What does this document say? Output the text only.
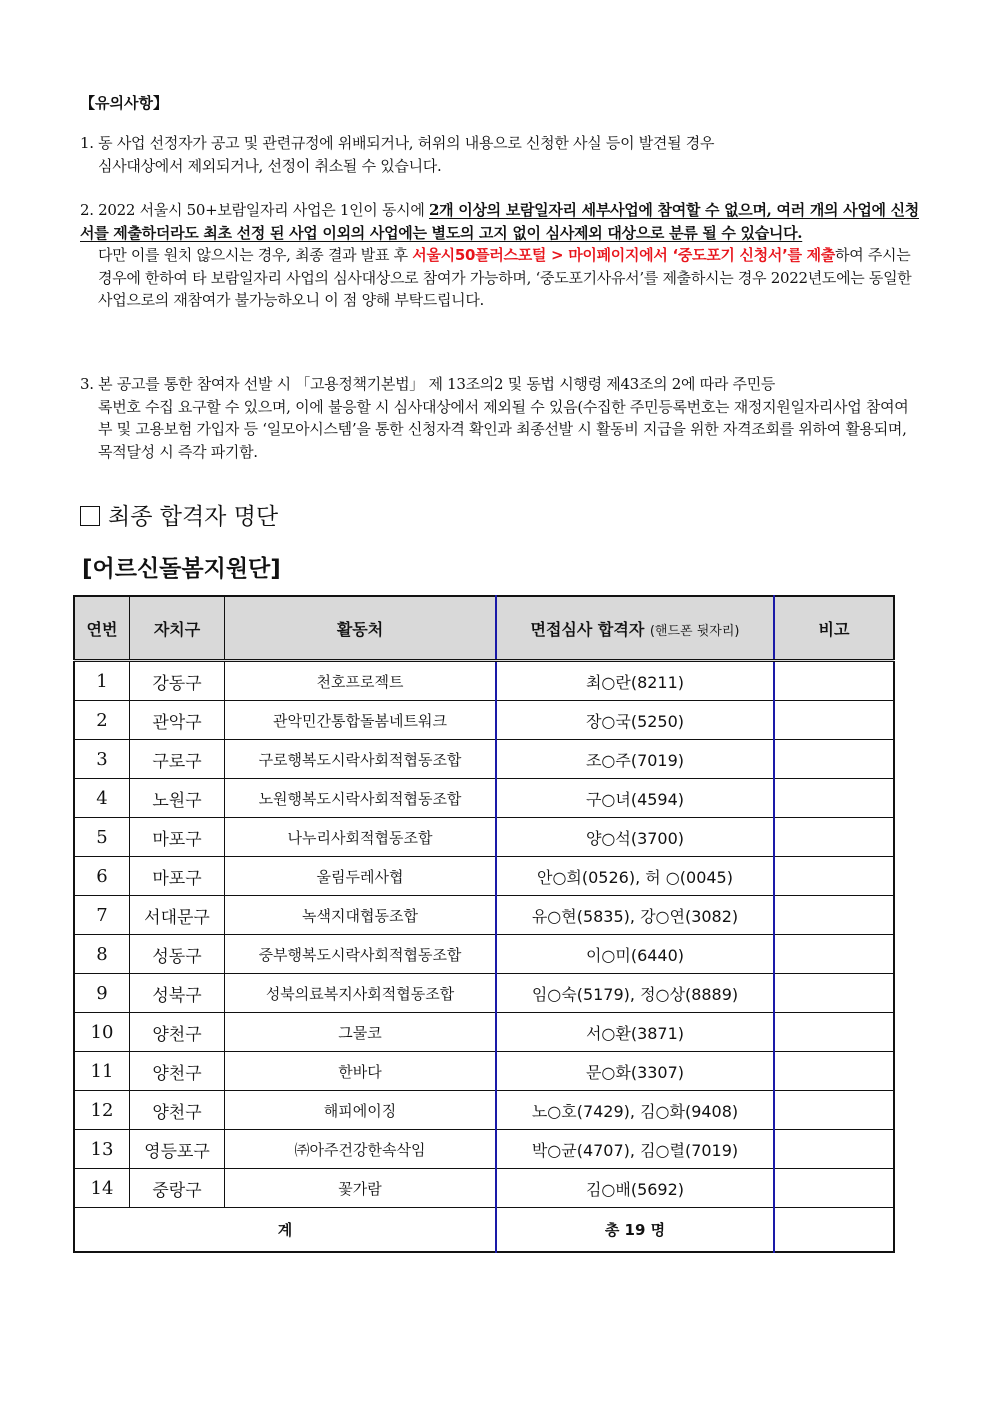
【유의사항】
1. 동 사업 선정자가 공고 및 관련규정에 위배되거나, 허위의 내용으로 신청한 사실 등이 발견될 경우
심사대상에서 제외되거나, 선정이 취소될 수 있습니다.
2. 2022 서울시 50+보람일자리 사업은 1인이 동시에 2개 이상의 보람일자리 세부사업에 참여할 수 없으며, 여러 개의 사업에 신청서를 제출하더라도 최초 선정 된 사업 이외의 사업에는 별도의 고지 없이 심사제외 대상으로 분류 될 수 있습니다.
다만 이를 원치 않으시는 경우, 최종 결과 발표 후 서울시50플러스포털 > 마이페이지에서 ‘중도포기 신청서’를 제출하여 주시는 경우에 한하여 타 보람일자리 사업의 심사대상으로 참여가 가능하며, ‘중도포기사유서’를 제출하시는 경우 2022년도에는 동일한 사업으로의 재참여가 불가능하오니 이 점 양해 부탁드립니다.
3. 본 공고를 통한 참여자 선발 시 「고용정책기본법」 제 13조의2 및 동법 시행령 제43조의 2에 따라 주민등
록번호 수집 요구할 수 있으며, 이에 불응할 시 심사대상에서 제외될 수 있음(수집한 주민등록번호는 재정지원일자리사업 참여여부 및 고용보험 가입자 등 ‘일모아시스템’을 통한 신청자격 확인과 최종선발 시 활동비 지급을 위한 자격조회를 위하여 활용되며, 목적달성 시 즉각 파기함.
최종 합격자 명단
[어르신돌봄지원단]
연번	자치구	활동처	면접심사 합격자 (핸드폰 뒷자리)	비고
1	강동구	천호프로젝트	최○란(8211)	
2	관악구	관악민간통합돌봄네트워크	장○국(5250)	
3	구로구	구로행복도시락사회적협동조합	조○주(7019)	
4	노원구	노원행복도시락사회적협동조합	구○녀(4594)	
5	마포구	나누리사회적협동조합	양○석(3700)	
6	마포구	울림두레사협	안○희(0526), 허 ○(0045)	
7	서대문구	녹색지대협동조합	유○현(5835), 강○연(3082)	
8	성동구	중부행복도시락사회적협동조합	이○미(6440)	
9	성북구	성북의료복지사회적협동조합	임○숙(5179), 정○상(8889)	
10	양천구	그물코	서○환(3871)	
11	양천구	한바다	문○화(3307)	
12	양천구	해피에이징	노○호(7429), 김○화(9408)	
13	영등포구	㈜아주건강한속삭임	박○균(4707), 김○렬(7019)	
14	중랑구	꽃가람	김○배(5692)	
계			총 19 명	
